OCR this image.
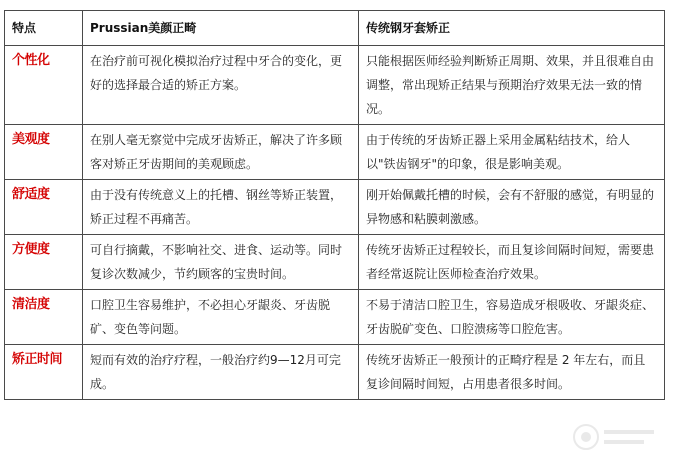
特点	Prussian美颜正畸	传统钢牙套矫正
个性化	在治疗前可视化模拟治疗过程中牙合的变化，更好的选择最合适的矫正方案。	只能根据医师经验判断矫正周期、效果，并且很难自由调整，常出现矫正结果与预期治疗效果无法一致的情况。
美观度	在别人毫无察觉中完成牙齿矫正，解决了许多顾客对矫正牙齿期间的美观顾虑。	由于传统的牙齿矫正器上采用金属粘结技术，给人以"铁齿钢牙"的印象，很是影响美观。
舒适度	由于没有传统意义上的托槽、钢丝等矫正装置，矫正过程不再痛苦。	刚开始佩戴托槽的时候，会有不舒服的感觉，有明显的异物感和粘膜刺激感。
方便度	可自行摘戴，不影响社交、进食、运动等。同时复诊次数减少，节约顾客的宝贵时间。	传统牙齿矫正过程较长，而且复诊间隔时间短，需要患者经常返院让医师检查治疗效果。
清洁度	口腔卫生容易维护，不必担心牙龈炎、牙齿脱矿、变色等问题。	不易于清洁口腔卫生，容易造成牙根吸收、牙龈炎症、牙齿脱矿变色、口腔溃疡等口腔危害。
矫正时间	短而有效的治疗疗程，一般治疗约9—12月可完成。	传统牙齿矫正一般预计的正畸疗程是 2 年左右，而且复诊间隔时间短，占用患者很多时间。
